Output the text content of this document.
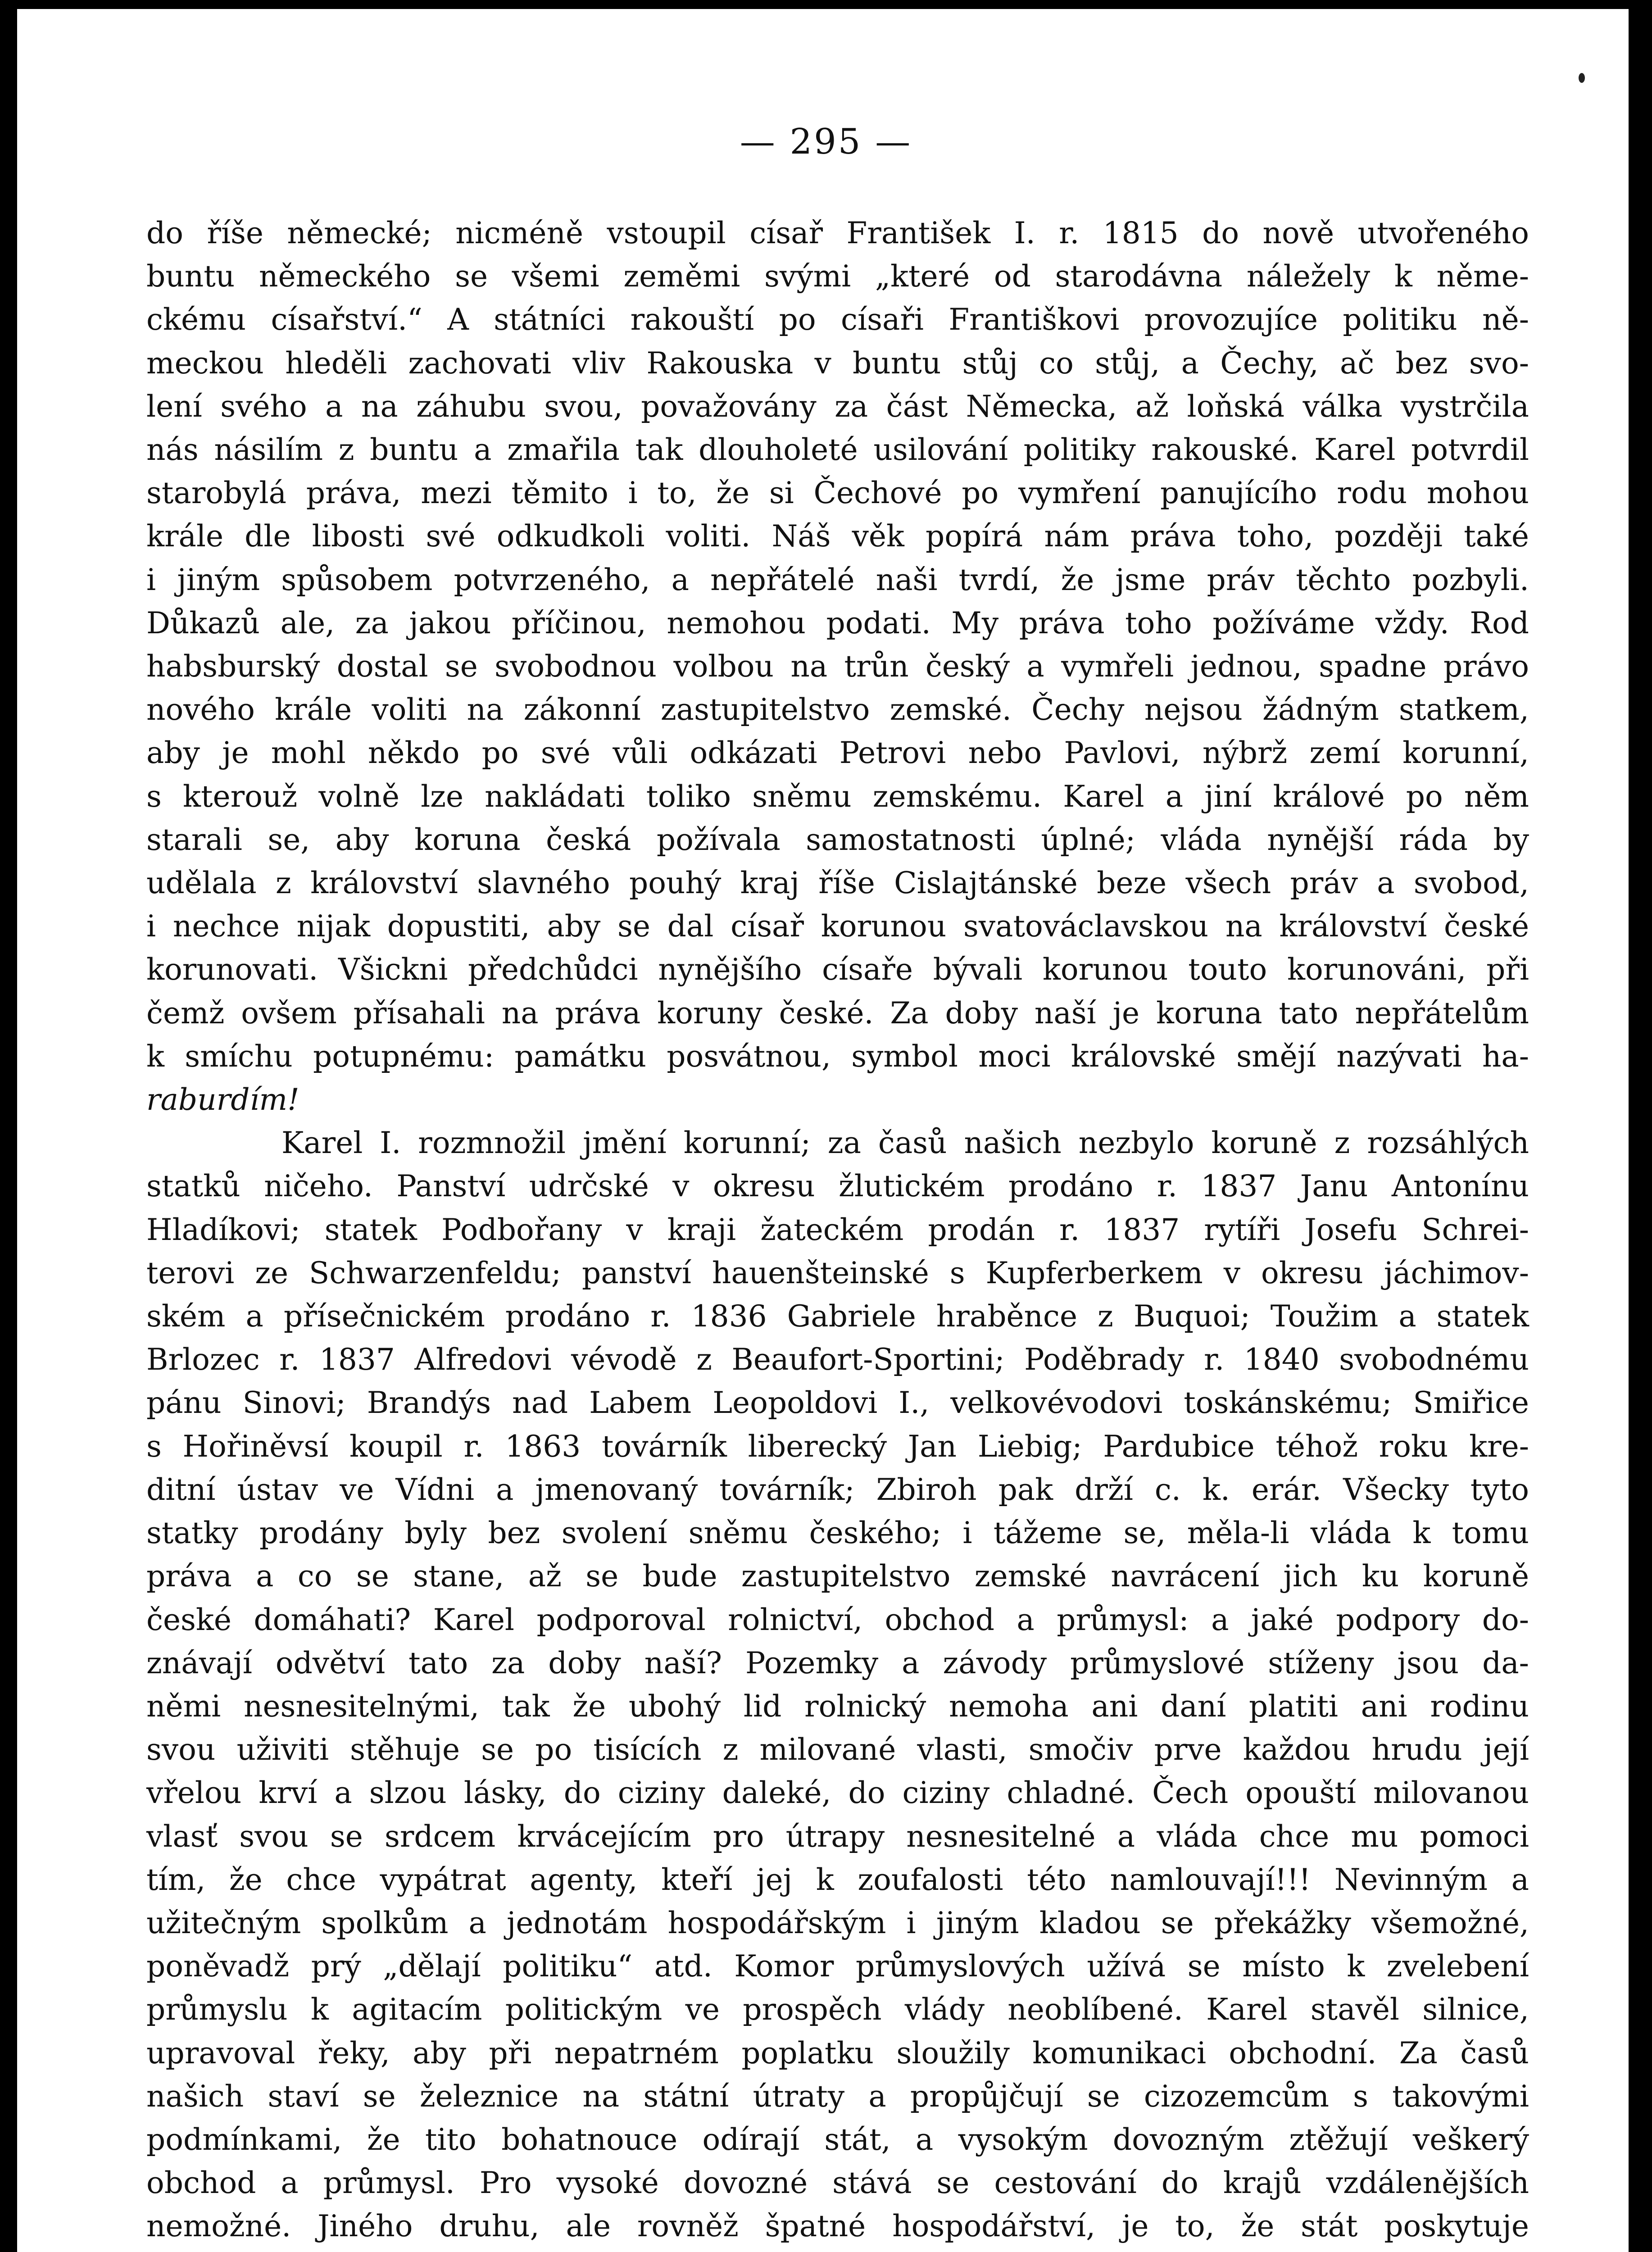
— 295 —

do říše německé; nicméně vstoupil císař František I. r. 1815 do nově utvořeného
buntu německého se všemi zeměmi svými „které od starodávna náležely k něme-
ckému císařství.“ A státníci rakouští po císaři Františkovi provozujíce politiku ně-
meckou hleděli zachovati vliv Rakouska v buntu stůj co stůj, a Čechy, ač bez svo-
lení svého a na záhubu svou, považovány za část Německa, až loňská válka vystrčila
nás násilím z buntu a zmařila tak dlouholeté usilování politiky rakouské. Karel potvrdil
starobylá práva, mezi těmito i to, že si Čechové po vymření panujícího rodu mohou
krále dle libosti své odkudkoli voliti. Náš věk popírá nám práva toho, později také
i jiným spůsobem potvrzeného, a nepřátelé naši tvrdí, že jsme práv těchto pozbyli.
Důkazů ale, za jakou příčinou, nemohou podati. My práva toho požíváme vždy. Rod
habsburský dostal se svobodnou volbou na trůn český a vymřeli jednou, spadne právo
nového krále voliti na zákonní zastupitelstvo zemské. Čechy nejsou žádným statkem,
aby je mohl někdo po své vůli odkázati Petrovi nebo Pavlovi, nýbrž zemí korunní,
s kterouž volně lze nakládati toliko sněmu zemskému. Karel a jiní králové po něm
starali se, aby koruna česká požívala samostatnosti úplné; vláda nynější ráda by
udělala z království slavného pouhý kraj říše Cislajtánské beze všech práv a svobod,
i nechce nijak dopustiti, aby se dal císař korunou svatováclavskou na království české
korunovati. Všickni předchůdci nynějšího císaře bývali korunou touto korunováni, při
čemž ovšem přísahali na práva koruny české. Za doby naší je koruna tato nepřátelům
k smíchu potupnému: památku posvátnou, symbol moci královské smějí nazývati ha-
raburdím!

Karel I. rozmnožil jmění korunní; za časů našich nezbylo koruně z rozsáhlých
statků ničeho. Panství udrčské v okresu žlutickém prodáno r. 1837 Janu Antonínu
Hladíkovi; statek Podbořany v kraji žateckém prodán r. 1837 rytíři Josefu Schrei-
terovi ze Schwarzenfeldu; panství hauenšteinské s Kupferberkem v okresu jáchimov-
ském a přísečnickém prodáno r. 1836 Gabriele hraběnce z Buquoi; Toužim a statek
Brlozec r. 1837 Alfredovi vévodě z Beaufort-Sportini; Poděbrady r. 1840 svobodnému
pánu Sinovi; Brandýs nad Labem Leopoldovi I., velkovévodovi toskánskému; Smiřice
s Hořiněvsí koupil r. 1863 továrník liberecký Jan Liebig; Pardubice téhož roku kre-
ditní ústav ve Vídni a jmenovaný továrník; Zbiroh pak drží c. k. erár. Všecky tyto
statky prodány byly bez svolení sněmu českého; i tážeme se, měla-li vláda k tomu
práva a co se stane, až se bude zastupitelstvo zemské navrácení jich ku koruně
české domáhati? Karel podporoval rolnictví, obchod a průmysl: a jaké podpory do-
znávají odvětví tato za doby naší? Pozemky a závody průmyslové stíženy jsou da-
němi nesnesitelnými, tak že ubohý lid rolnický nemoha ani daní platiti ani rodinu
svou uživiti stěhuje se po tisících z milované vlasti, smočiv prve každou hrudu její
vřelou krví a slzou lásky, do ciziny daleké, do ciziny chladné. Čech opouští milovanou
vlasť svou se srdcem krvácejícím pro útrapy nesnesitelné a vláda chce mu pomoci
tím, že chce vypátrat agenty, kteří jej k zoufalosti této namlouvají!!! Nevinným a
užitečným spolkům a jednotám hospodářským i jiným kladou se překážky všemožné,
poněvadž prý „dělají politiku“ atd. Komor průmyslových užívá se místo k zvelebení
průmyslu k agitacím politickým ve prospěch vlády neoblíbené. Karel stavěl silnice,
upravoval řeky, aby při nepatrném poplatku sloužily komunikaci obchodní. Za časů
našich staví se železnice na státní útraty a propůjčují se cizozemcům s takovými
podmínkami, že tito bohatnouce odírají stát, a vysokým dovozným ztěžují veškerý
obchod a průmysl. Pro vysoké dovozné stává se cestování do krajů vzdálenějších
nemožné. Jiného druhu, ale rovněž špatné hospodářství, je to, že stát poskytuje
